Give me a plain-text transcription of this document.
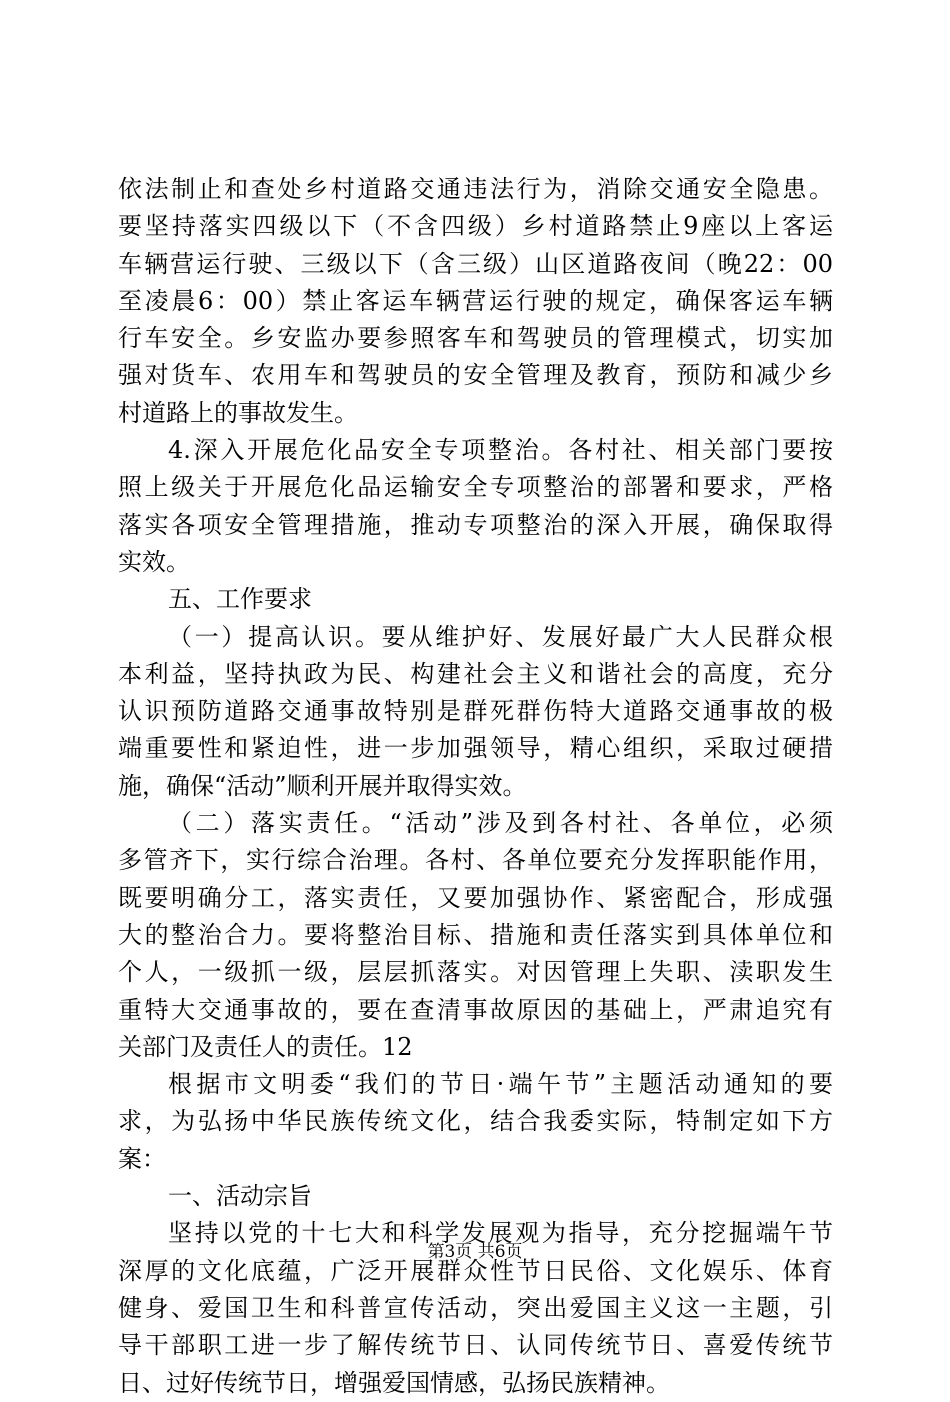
依法制止和查处乡村道路交通违法行为，消除交通安全隐患。
要坚持落实四级以下（不含四级）乡村道路禁止9座以上客运
车辆营运行驶、三级以下（含三级）山区道路夜间（晚22：00
至凌晨6：00）禁止客运车辆营运行驶的规定，确保客运车辆
行车安全。乡安监办要参照客车和驾驶员的管理模式，切实加
强对货车、农用车和驾驶员的安全管理及教育，预防和减少乡
村道路上的事故发生。
4.深入开展危化品安全专项整治。各村社、相关部门要按
照上级关于开展危化品运输安全专项整治的部署和要求，严格
落实各项安全管理措施，推动专项整治的深入开展，确保取得
实效。
五、工作要求
（一）提高认识。要从维护好、发展好最广大人民群众根
本利益，坚持执政为民、构建社会主义和谐社会的高度，充分
认识预防道路交通事故特别是群死群伤特大道路交通事故的极
端重要性和紧迫性，进一步加强领导，精心组织，采取过硬措
施，确保“活动”顺利开展并取得实效。
（二）落实责任。“活动”涉及到各村社、各单位，必须
多管齐下，实行综合治理。各村、各单位要充分发挥职能作用，
既要明确分工，落实责任，又要加强协作、紧密配合，形成强
大的整治合力。要将整治目标、措施和责任落实到具体单位和
个人，一级抓一级，层层抓落实。对因管理上失职、渎职发生
重特大交通事故的，要在查清事故原因的基础上，严肃追究有
关部门及责任人的责任。12
根据市文明委“我们的节日·端午节”主题活动通知的要
求，为弘扬中华民族传统文化，结合我委实际，特制定如下方
案：
一、活动宗旨
坚持以党的十七大和科学发展观为指导，充分挖掘端午节
深厚的文化底蕴，广泛开展群众性节日民俗、文化娱乐、体育
健身、爱国卫生和科普宣传活动，突出爱国主义这一主题，引
导干部职工进一步了解传统节日、认同传统节日、喜爱传统节
日、过好传统节日，增强爱国情感，弘扬民族精神。
第3页 共6页
